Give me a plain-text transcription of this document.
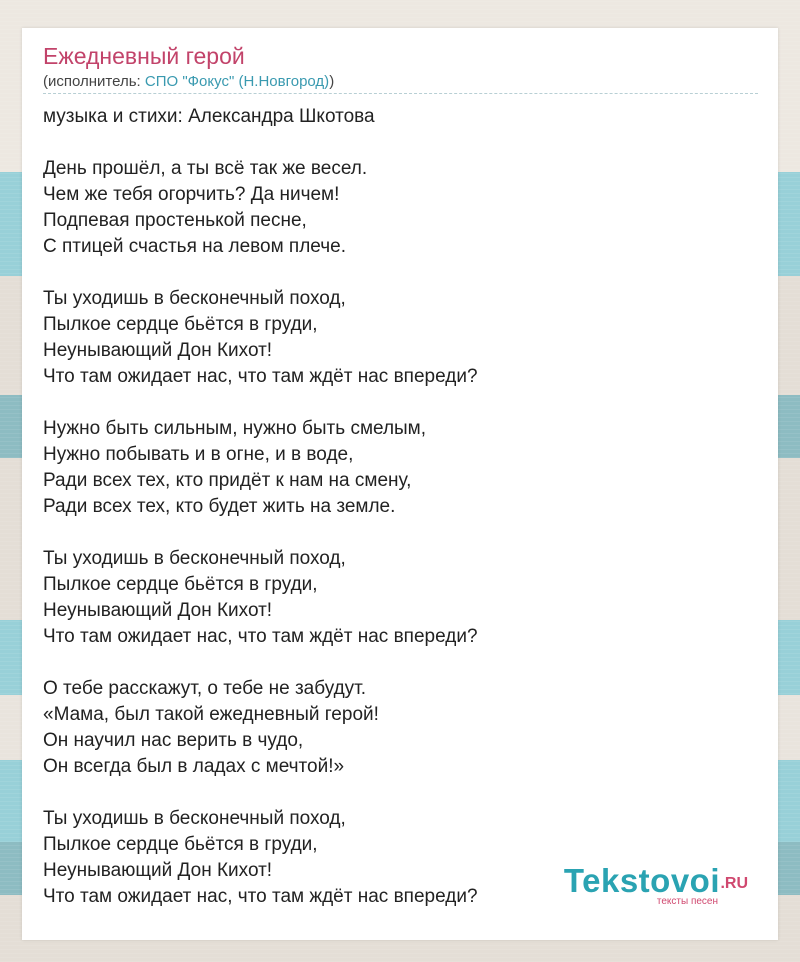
Ежедневный герой
(исполнитель: СПО "Фокус" (Н.Новгород))
музыка и стихи: Александра Шкотова

День прошёл, а ты всё так же весел.
Чем же тебя огорчить? Да ничем!
Подпевая простенькой песне,
С птицей счастья на левом плече.

Ты уходишь в бесконечный поход,
Пылкое сердце бьётся в груди,
Неунывающий Дон Кихот!
Что там ожидает нас, что там ждёт нас впереди?

Нужно быть сильным, нужно быть смелым,
Нужно побывать и в огне, и в воде,
Ради всех тех, кто придёт к нам на смену,
Ради всех тех, кто будет жить на земле.

Ты уходишь в бесконечный поход,
Пылкое сердце бьётся в груди,
Неунывающий Дон Кихот!
Что там ожидает нас, что там ждёт нас впереди?

О тебе расскажут, о тебе не забудут.
«Мама, был такой ежедневный герой!
Он научил нас верить в чудо,
Он всегда был в ладах с мечтой!»

Ты уходишь в бесконечный поход,
Пылкое сердце бьётся в груди,
Неунывающий Дон Кихот!
Что там ожидает нас, что там ждёт нас впереди?	Tekstovoi .RU
тексты песен
